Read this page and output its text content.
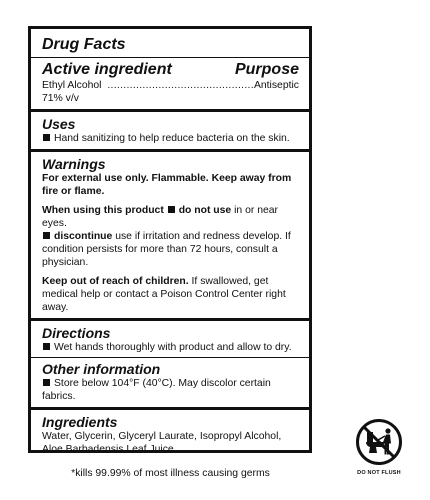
Drug Facts

Active ingredient	Purpose
Ethyl Alcohol 71% v/v
.............................................. Antiseptic

Uses

Hand sanitizing to help reduce bacteria on the skin.

Warnings

For external use only. Flammable. Keep away from fire or flame.

When using this product do not use in or near eyes.
discontinue use if irritation and redness develop. If condition persists for more than 72 hours, consult a physician.

Keep out of reach of children. If swallowed, get medical help or contact a Poison Control Center right away.

Directions

Wet hands thoroughly with product and allow to dry.

Other information

Store below 104°F (40°C). May discolor certain fabrics.

Ingredients

Water, Glycerin, Glyceryl Laurate, Isopropyl Alcohol, Aloe Barbadensis Leaf Juice

*kills 99.99% of most illness causing germs	DO NOT FLUSH
